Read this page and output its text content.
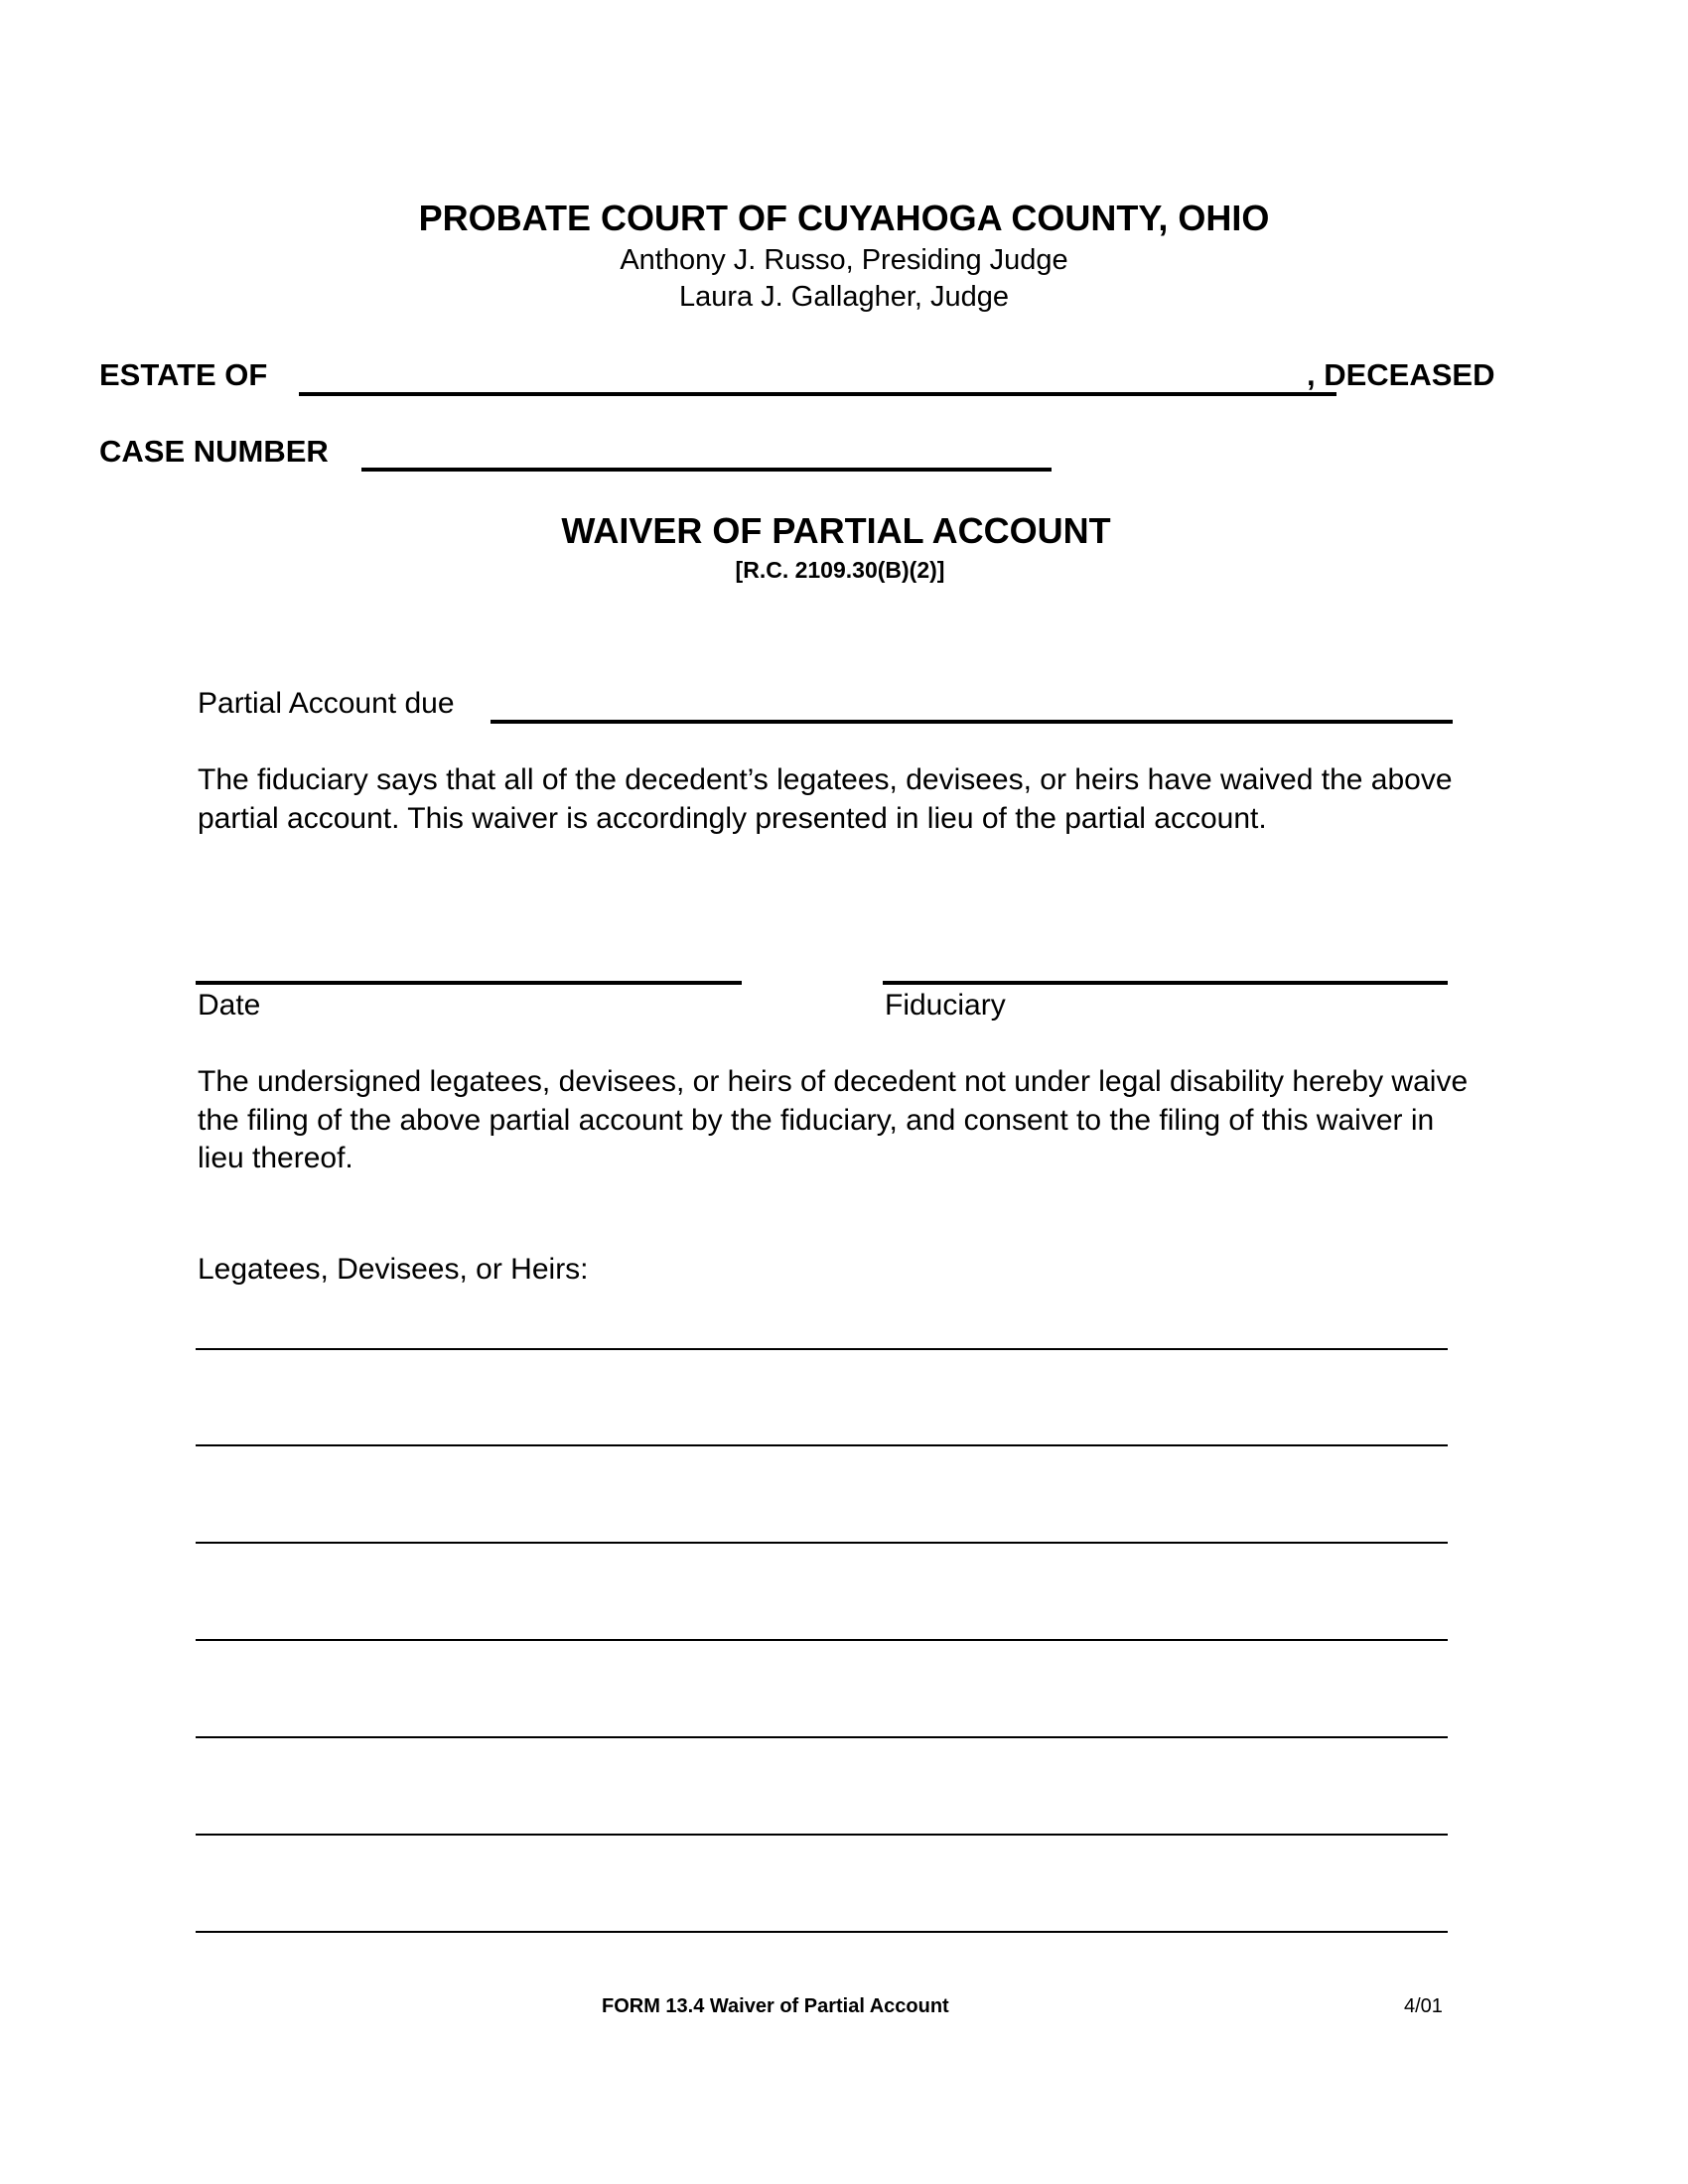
PROBATE COURT OF CUYAHOGA COUNTY, OHIO
Anthony J. Russo, Presiding Judge
Laura J. Gallagher, Judge
ESTATE OF	, DECEASED
CASE NUMBER
WAIVER OF PARTIAL ACCOUNT
[R.C. 2109.30(B)(2)]
Partial Account due
The fiduciary says that all of the decedent’s legatees, devisees, or heirs have waived the above partial account. This waiver is accordingly presented in lieu of the partial account.
Date	Fiduciary
The undersigned legatees, devisees, or heirs of decedent not under legal disability hereby waive the filing of the above partial account by the fiduciary, and consent to the filing of this waiver in lieu thereof.
Legatees, Devisees, or Heirs:
FORM 13.4 Waiver of Partial Account	4/01
